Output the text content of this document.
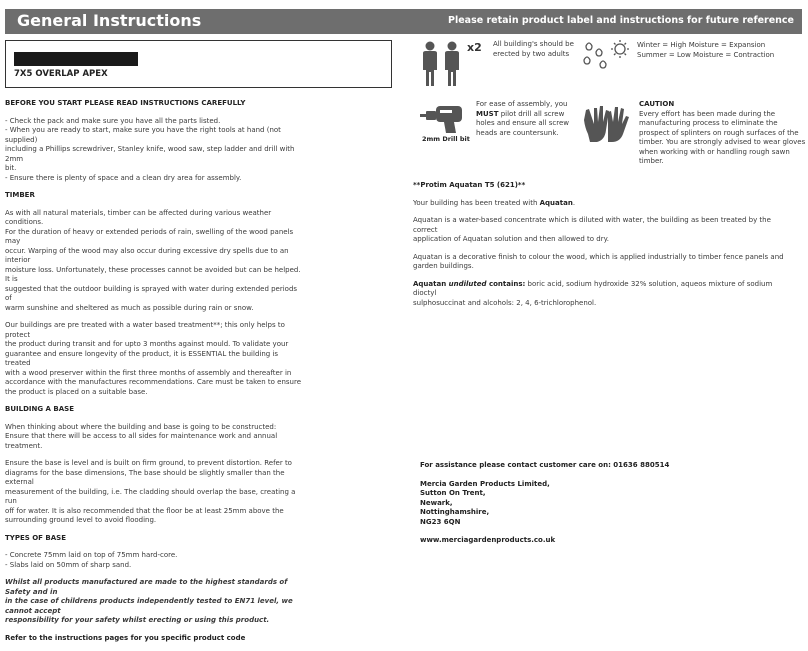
General Instructions	Please retain product label and instructions for future reference
7X5 OVERLAP APEX
BEFORE YOU START PLEASE READ INSTRUCTIONS CAREFULLY

- Check the pack and make sure you have all the parts listed.
- When you are ready to start, make sure you have the right tools at hand (not supplied)
including a Phillips screwdriver, Stanley knife, wood saw, step ladder and drill with 2mm
bit.
- Ensure there is plenty of space and a clean dry area for assembly.

TIMBER

As with all natural materials, timber can be affected during various weather conditions.
For the duration of heavy or extended periods of rain, swelling of the wood panels may
occur. Warping of the wood may also occur during excessive dry spells due to an interior
moisture loss. Unfortunately, these processes cannot be avoided but can be helped. It is
suggested that the outdoor building is sprayed with water during extended periods of
warm sunshine and sheltered as much as possible during rain or snow.

Our buildings are pre treated with a water based treatment**; this only helps to protect
the product during transit and for upto 3 months against mould. To validate your
guarantee and ensure longevity of the product, it is ESSENTIAL the building is treated
with a wood preserver within the first three months of assembly and thereafter in
accordance with the manufactures recommendations. Care must be taken to ensure
the product is placed on a suitable base.

BUILDING A BASE

When thinking about where the building and base is going to be constructed:
Ensure that there will be access to all sides for maintenance work and annual
treatment.

Ensure the base is level and is built on firm ground, to prevent distortion. Refer to
diagrams for the base dimensions, The base should be slightly smaller than the external
measurement of the building, i.e. The cladding should overlap the base, creating a run
off for water. It is also recommended that the floor be at least 25mm above the
surrounding ground level to avoid flooding.

TYPES OF BASE

- Concrete 75mm laid on top of 75mm hard-core.
- Slabs laid on 50mm of sharp sand.

Whilst all products manufactured are made to the highest standards of Safety and in
in the case of childrens products independently tested to EN71 level, we cannot accept
responsibility for your safety whilst erecting or using this product.

Refer to the instructions pages for you specific product code

x2 All building's should be
erected by two adults
Winter = High Moisture = Expansion
Summer = Low Moisture = Contraction
2mm Drill bit
For ease of assembly, you
MUST pilot drill all screw
holes and ensure all screw
heads are countersunk.
CAUTION
Every effort has been made during the
manufacturing process to eliminate the
prospect of splinters on rough surfaces of the
timber. You are strongly advised to wear gloves
when working with or handling rough sawn
timber.

**Protim Aquatan T5 (621)**

Your building has been treated with Aquatan.

Aquatan is a water-based concentrate which is diluted with water, the building as been treated by the correct
application of Aquatan solution and then allowed to dry.

Aquatan is a decorative finish to colour the wood, which is applied industrially to timber fence panels and
garden buildings.

Aquatan undiluted contains: boric acid, sodium hydroxide 32% solution, aqueos mixture of sodium dioctyl
sulphosuccinat and alcohols: 2, 4, 6-trichlorophenol.

For assistance please contact customer care on: 01636 880514
Mercia Garden Products Limited,
Sutton On Trent,
Newark,
Nottinghamshire,
NG23 6QN
www.merciagardenproducts.co.uk
